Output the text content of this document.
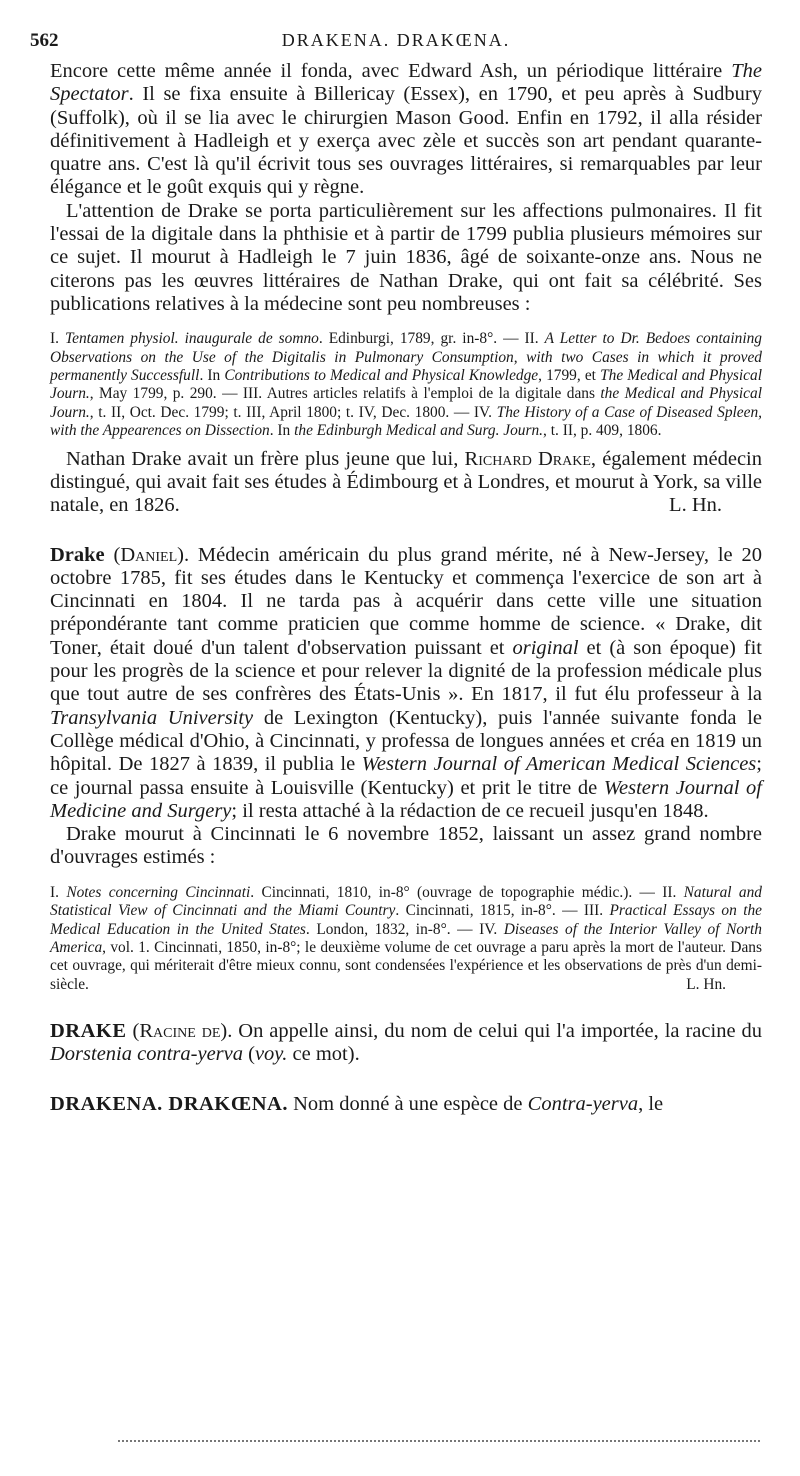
562	DRAKENA. DRAKŒNA.

Encore cette même année il fonda, avec Edward Ash, un périodique littéraire The Spectator. Il se fixa ensuite à Billericay (Essex), en 1790, et peu après à Sudbury (Suffolk), où il se lia avec le chirurgien Mason Good. Enfin en 1792, il alla résider définitivement à Hadleigh et y exerça avec zèle et succès son art pendant quarante-quatre ans. C'est là qu'il écrivit tous ses ouvrages littéraires, si remarquables par leur élégance et le goût exquis qui y règne.

L'attention de Drake se porta particulièrement sur les affections pulmonaires. Il fit l'essai de la digitale dans la phthisie et à partir de 1799 publia plusieurs mémoires sur ce sujet. Il mourut à Hadleigh le 7 juin 1836, âgé de soixante-onze ans. Nous ne citerons pas les œuvres littéraires de Nathan Drake, qui ont fait sa célébrité. Ses publications relatives à la médecine sont peu nombreuses :

I. Tentamen physiol. inaugurale de somno. Edinburgi, 1789, gr. in-8°. — II. A Letter to Dr. Bedoes containing Observations on the Use of the Digitalis in Pulmonary Consumption, with two Cases in which it proved permanently Successfull. In Contributions to Medical and Physical Knowledge, 1799, et The Medical and Physical Journ., May 1799, p. 290. — III. Autres articles relatifs à l'emploi de la digitale dans the Medical and Physical Journ., t. II, Oct. Dec. 1799; t. III, April 1800; t. IV, Dec. 1800. — IV. The History of a Case of Diseased Spleen, with the Appearences on Dissection. In the Edinburgh Medical and Surg. Journ., t. II, p. 409, 1806.

Nathan Drake avait un frère plus jeune que lui, Richard Drake, également médecin distingué, qui avait fait ses études à Édimbourg et à Londres, et mourut à York, sa ville natale, en 1826.	L. Hn.

Drake (Daniel). Médecin américain du plus grand mérite, né à New-Jersey, le 20 octobre 1785, fit ses études dans le Kentucky et commença l'exercice de son art à Cincinnati en 1804. Il ne tarda pas à acquérir dans cette ville une situation prépondérante tant comme praticien que comme homme de science. « Drake, dit Toner, était doué d'un talent d'observation puissant et original et (à son époque) fit pour les progrès de la science et pour relever la dignité de la profession médicale plus que tout autre de ses confrères des États-Unis ». En 1817, il fut élu professeur à la Transylvania University de Lexington (Kentucky), puis l'année suivante fonda le Collège médical d'Ohio, à Cincinnati, y professa de longues années et créa en 1819 un hôpital. De 1827 à 1839, il publia le Western Journal of American Medical Sciences; ce journal passa ensuite à Louisville (Kentucky) et prit le titre de Western Journal of Medicine and Surgery; il resta attaché à la rédaction de ce recueil jusqu'en 1848.

Drake mourut à Cincinnati le 6 novembre 1852, laissant un assez grand nombre d'ouvrages estimés :

I. Notes concerning Cincinnati. Cincinnati, 1810, in-8° (ouvrage de topographie médic.). — II. Natural and Statistical View of Cincinnati and the Miami Country. Cincinnati, 1815, in-8°. — III. Practical Essays on the Medical Education in the United States. London, 1832, in-8°. — IV. Diseases of the Interior Valley of North America, vol. 1. Cincinnati, 1850, in-8°; le deuxième volume de cet ouvrage a paru après la mort de l'auteur. Dans cet ouvrage, qui mériterait d'être mieux connu, sont condensées l'expérience et les observations de près d'un demi-siècle.	L. Hn.

DRAKE (Racine de). On appelle ainsi, du nom de celui qui l'a importée, la racine du Dorstenia contra-yerva (voy. ce mot).

DRAKENA. DRAKŒNA. Nom donné à une espèce de Contra-yerva, le
